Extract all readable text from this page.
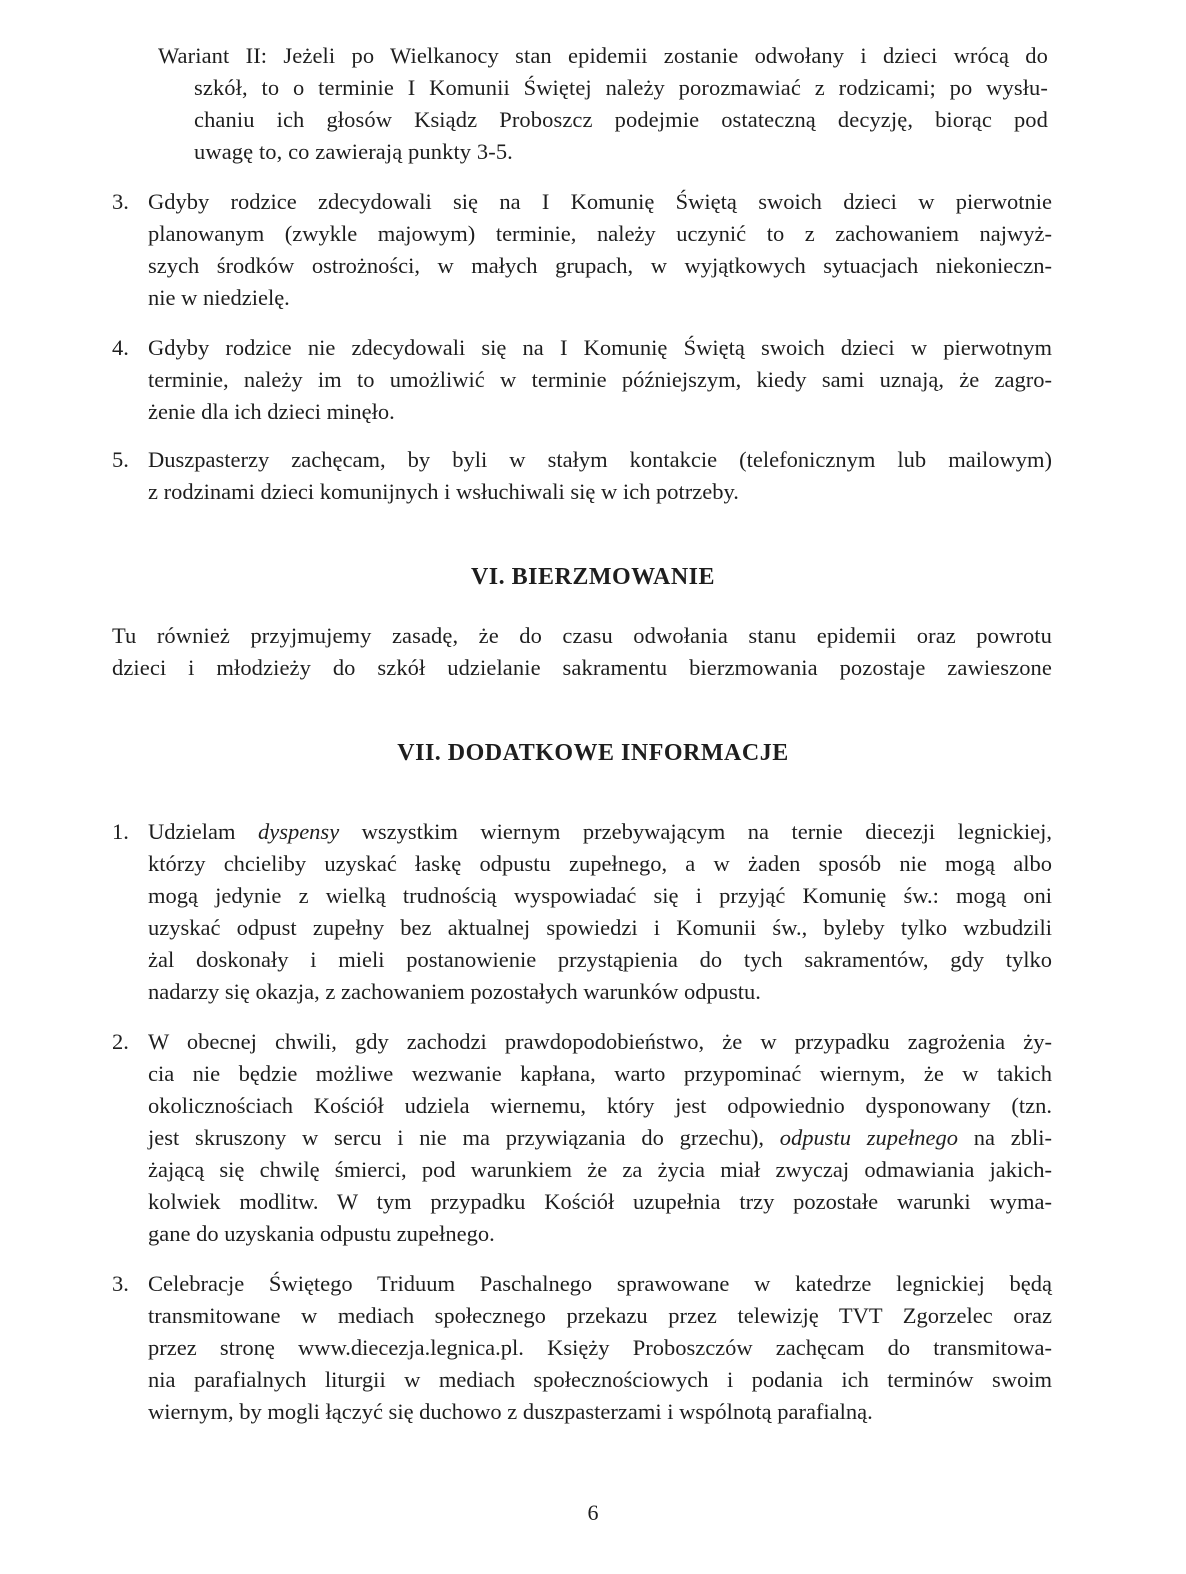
Wariant II: Jeżeli po Wielkanocy stan epidemii zostanie odwołany i dzieci wrócą do
szkół, to o terminie I Komunii Świętej należy porozmawiać z rodzicami; po wysłu-
chaniu ich głosów Ksiądz Proboszcz podejmie ostateczną decyzję, biorąc pod
uwagę to, co zawierają punkty 3-5.
3. Gdyby rodzice zdecydowali się na I Komunię Świętą swoich dzieci w pierwotnie
planowanym (zwykle majowym) terminie, należy uczynić to z zachowaniem najwyż-
szych środków ostrożności, w małych grupach, w wyjątkowych sytuacjach niekonieczn-
nie w niedzielę.
4. Gdyby rodzice nie zdecydowali się na I Komunię Świętą swoich dzieci w pierwotnym
terminie, należy im to umożliwić w terminie późniejszym, kiedy sami uznają, że zagro-
żenie dla ich dzieci minęło.
5. Duszpasterzy zachęcam, by byli w stałym kontakcie (telefonicznym lub mailowym)
z rodzinami dzieci komunijnych i wsłuchiwali się w ich potrzeby.
VI. BIERZMOWANIE
Tu również przyjmujemy zasadę, że do czasu odwołania stanu epidemii oraz powrotu
dzieci i młodzieży do szkół udzielanie sakramentu bierzmowania pozostaje zawieszone
VII. DODATKOWE INFORMACJE
1. Udzielam dyspensy wszystkim wiernym przebywającym na ternie diecezji legnickiej,
którzy chcieliby uzyskać łaskę odpustu zupełnego, a w żaden sposób nie mogą albo
mogą jedynie z wielką trudnością wyspowiadać się i przyjąć Komunię św.: mogą oni
uzyskać odpust zupełny bez aktualnej spowiedzi i Komunii św., byleby tylko wzbudzili
żal doskonały i mieli postanowienie przystąpienia do tych sakramentów, gdy tylko
nadarzy się okazja, z zachowaniem pozostałych warunków odpustu.
2. W obecnej chwili, gdy zachodzi prawdopodobieństwo, że w przypadku zagrożenia ży-
cia nie będzie możliwe wezwanie kapłana, warto przypominać wiernym, że w takich
okolicznościach Kościół udziela wiernemu, który jest odpowiednio dysponowany (tzn.
jest skruszony w sercu i nie ma przywiązania do grzechu), odpustu zupełnego na zbli-
żającą się chwilę śmierci, pod warunkiem że za życia miał zwyczaj odmawiania jakich-
kolwiek modlitw. W tym przypadku Kościół uzupełnia trzy pozostałe warunki wyma-
gane do uzyskania odpustu zupełnego.
3. Celebracje Świętego Triduum Paschalnego sprawowane w katedrze legnickiej będą
transmitowane w mediach społecznego przekazu przez telewizję TVT Zgorzelec oraz
przez stronę www.diecezja.legnica.pl. Księży Proboszczów zachęcam do transmitowa-
nia parafialnych liturgii w mediach społecznościowych i podania ich terminów swoim
wiernym, by mogli łączyć się duchowo z duszpasterzami i wspólnotą parafialną.
6
